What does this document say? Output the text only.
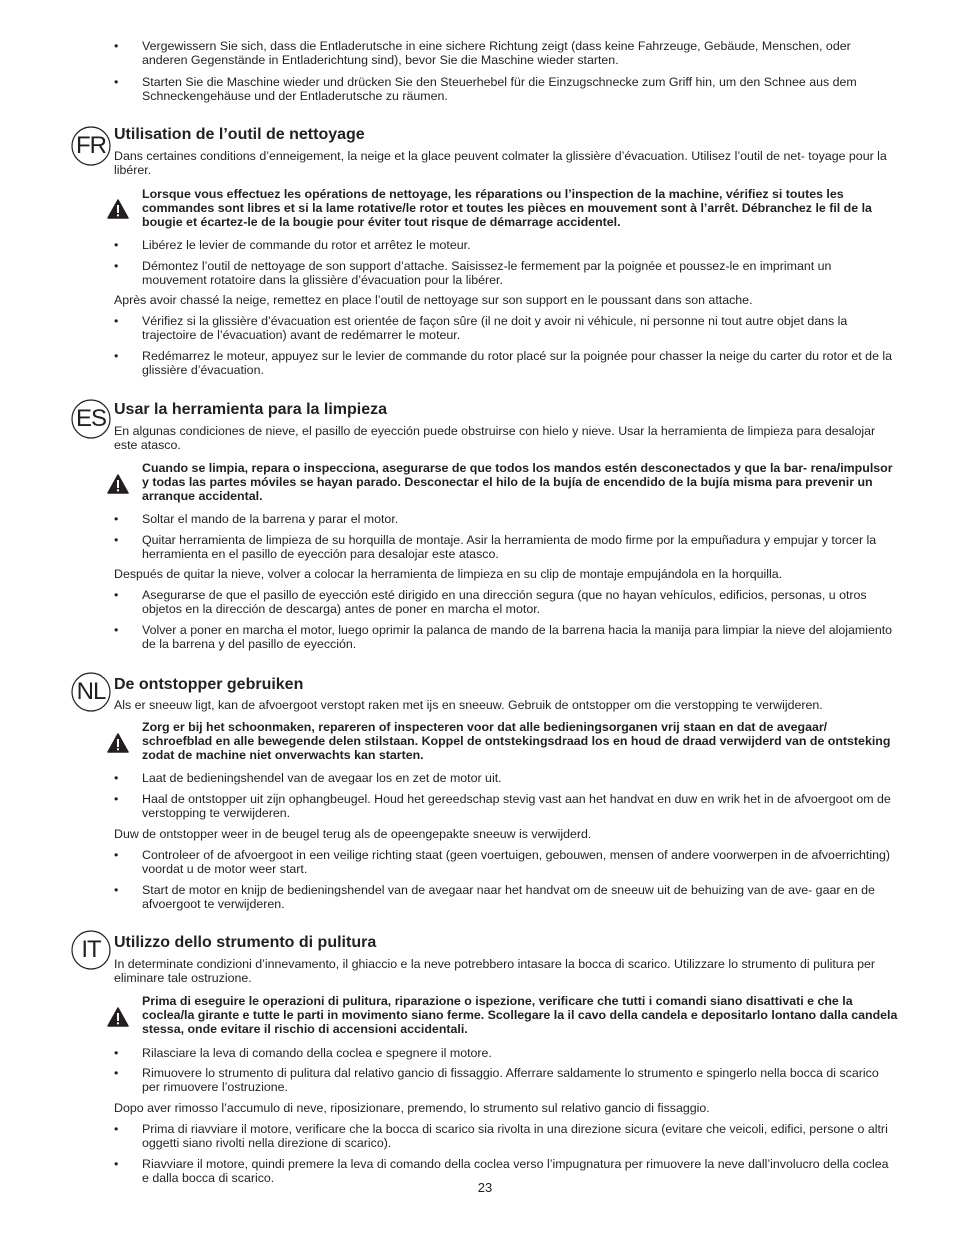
• Vergewissern Sie sich, dass die Entladerutsche in eine sichere Richtung zeigt (dass keine Fahrzeuge, Gebäude, Menschen, oder anderen Gegenstände in Entladerichtung sind), bevor Sie die Maschine wieder starten.
• Starten Sie die Maschine wieder und drücken Sie den Steuerhebel für die Einzugschnecke zum Griff hin, um den Schnee aus dem Schneckengehäuse und der Entladerutsche zu räumen.
FR Utilisation de l’outil de nettoyage

Dans certaines conditions d’enneigement, la neige et la glace peuvent colmater la glissière d’évacuation. Utilisez l’outil de net- toyage pour la libérer.

Lorsque vous effectuez les opérations de nettoyage, les réparations ou l’inspection de la machine, vérifiez si toutes les commandes sont libres et si la lame rotative/le rotor et toutes les pièces en mouvement sont à l’arrêt. Débranchez le fil de la bougie et écartez-le de la bougie pour éviter tout risque de démarrage accidentel.

• Libérez le levier de commande du rotor et arrêtez le moteur.
• Démontez l’outil de nettoyage de son support d’attache. Saisissez-le fermement par la poignée et poussez-le en imprimant un mouvement rotatoire dans la glissière d’évacuation pour la libérer.

Après avoir chassé la neige, remettez en place l’outil de nettoyage sur son support en le poussant dans son attache.

• Vérifiez si la glissière d’évacuation est orientée de façon sûre (il ne doit y avoir ni véhicule, ni personne ni tout autre objet dans la trajectoire de l’évacuation) avant de redémarrer le moteur.
• Redémarrez le moteur, appuyez sur le levier de commande du rotor placé sur la poignée pour chasser la neige du carter du rotor et de la glissière d’évacuation.
ES Usar la herramienta para la limpieza

En algunas condiciones de nieve, el pasillo de eyección puede obstruirse con hielo y nieve. Usar la herramienta de limpieza para desalojar este atasco.

Cuando se limpia, repara o inspecciona, asegurarse de que todos los mandos estén desconectados y que la bar- rena/impulsor y todas las partes móviles se hayan parado. Desconectar el hilo de la bujía de encendido de la bujía misma para prevenir un arranque accidental.

• Soltar el mando de la barrena y parar el motor.
• Quitar herramienta de limpieza de su horquilla de montaje. Asir la herramienta de modo firme por la empuñadura y empujar y torcer la herramienta en el pasillo de eyección para desalojar este atasco.

Después de quitar la nieve, volver a colocar la herramienta de limpieza en su clip de montaje empujándola en la horquilla.

• Asegurarse de que el pasillo de eyección esté dirigido en una dirección segura (que no hayan vehículos, edificios, personas, u otros objetos en la dirección de descarga) antes de poner en marcha el motor.
• Volver a poner en marcha el motor, luego oprimir la palanca de mando de la barrena hacia la manija para limpiar la nieve del alojamiento de la barrena y del pasillo de eyección.
NL De ontstopper gebruiken

Als er sneeuw ligt, kan de afvoergoot verstopt raken met ijs en sneeuw. Gebruik de ontstopper om die verstopping te verwijderen.

Zorg er bij het schoonmaken, repareren of inspecteren voor dat alle bedieningsorganen vrij staan en dat de avegaar/ schroefblad en alle bewegende delen stilstaan. Koppel de ontstekingsdraad los en houd de draad verwijderd van de ontsteking zodat de machine niet onverwachts kan starten.

• Laat de bedieningshendel van de avegaar los en zet de motor uit.
• Haal de ontstopper uit zijn ophangbeugel. Houd het gereedschap stevig vast aan het handvat en duw en wrik het in de afvoergoot om de verstopping te verwijderen.

Duw de ontstopper weer in de beugel terug als de opeengepakte sneeuw is verwijderd.

• Controleer of de afvoergoot in een veilige richting staat (geen voertuigen, gebouwen, mensen of andere voorwerpen in de afvoerrichting) voordat u de motor weer start.
• Start de motor en knijp de bedieningshendel van de avegaar naar het handvat om de sneeuw uit de behuizing van de ave- gaar en de afvoergoot te verwijderen.
IT Utilizzo dello strumento di pulitura

In determinate condizioni d’innevamento, il ghiaccio e la neve potrebbero intasare la bocca di scarico. Utilizzare lo strumento di pulitura per eliminare tale ostruzione.

Prima di eseguire le operazioni di pulitura, riparazione o ispezione, verificare che tutti i comandi siano disattivati e che la coclea/la girante e tutte le parti in movimento siano ferme. Scollegare la il cavo della candela e depositarlo lontano dalla candela stessa, onde evitare il rischio di accensioni accidentali.

• Rilasciare la leva di comando della coclea e spegnere il motore.
• Rimuovere lo strumento di pulitura dal relativo gancio di fissaggio. Afferrare saldamente lo strumento e spingerlo nella bocca di scarico per rimuovere l’ostruzione.

Dopo aver rimosso l’accumulo di neve, riposizionare, premendo, lo strumento sul relativo gancio di fissaggio.

• Prima di riavviare il motore, verificare che la bocca di scarico sia rivolta in una direzione sicura (evitare che veicoli, edifici, persone o altri oggetti siano rivolti nella direzione di scarico).
• Riavviare il motore, quindi premere la leva di comando della coclea verso l’impugnatura per rimuovere la neve dall’involucro della coclea e dalla bocca di scarico.
23
